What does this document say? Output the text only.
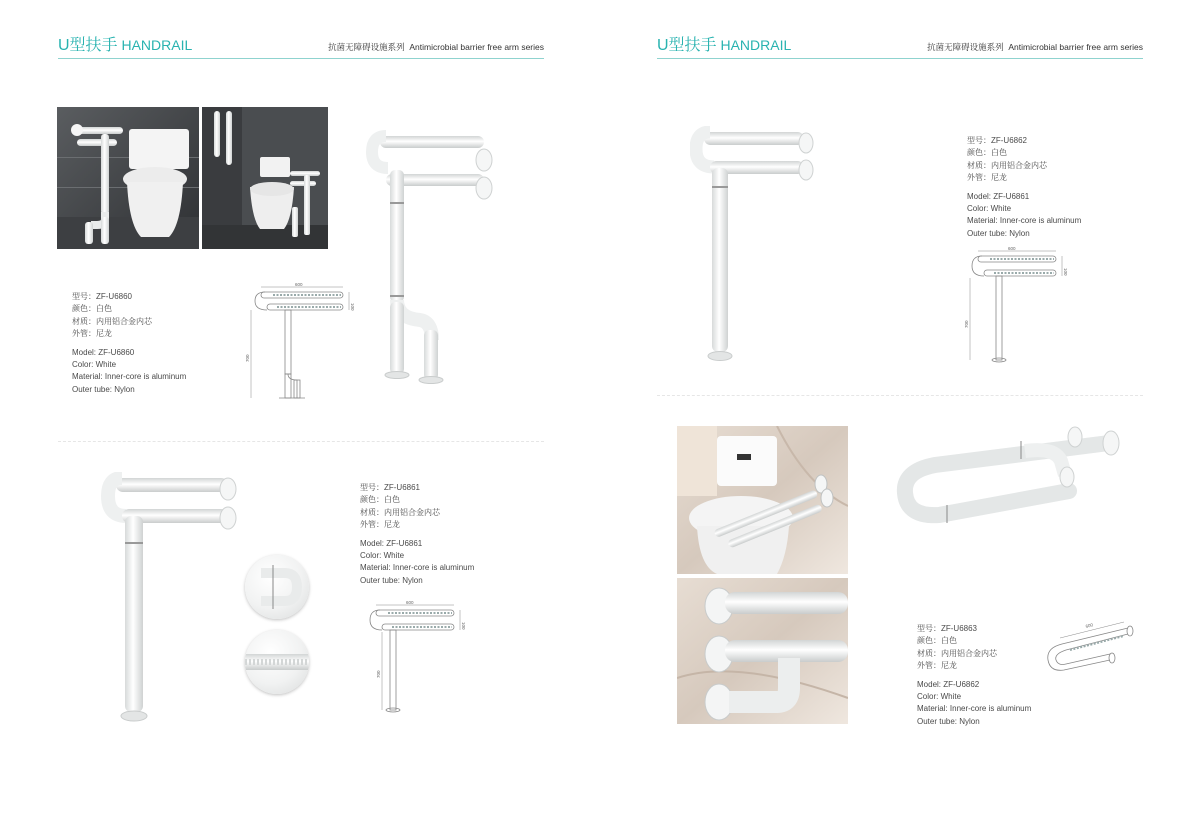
U型扶手 HANDRAIL	抗菌无障碍设施系列 Antimicrobial barrier free arm series
型号：ZF-U6860
颜色：白色
材质：内用铝合金内芯
外管：尼龙
Model: ZF-U6860
Color: White
Material: Inner-core is aluminum
Outer tube: Nylon
600
100
700
型号：ZF-U6861
颜色：白色
材质：内用铝合金内芯
外管：尼龙
Model: ZF-U6861
Color: White
Material: Inner-core is aluminum
Outer tube: Nylon
600
100
700
U型扶手 HANDRAIL	抗菌无障碍设施系列 Antimicrobial barrier free arm series
型号：ZF-U6862
颜色：白色
材质：内用铝合金内芯
外管：尼龙
Model: ZF-U6861
Color: White
Material: Inner-core is aluminum
Outer tube: Nylon
600
100
700
型号：ZF-U6863
颜色：白色
材质：内用铝合金内芯
外管：尼龙
Model: ZF-U6862
Color: White
Material: Inner-core is aluminum
Outer tube: Nylon
600
